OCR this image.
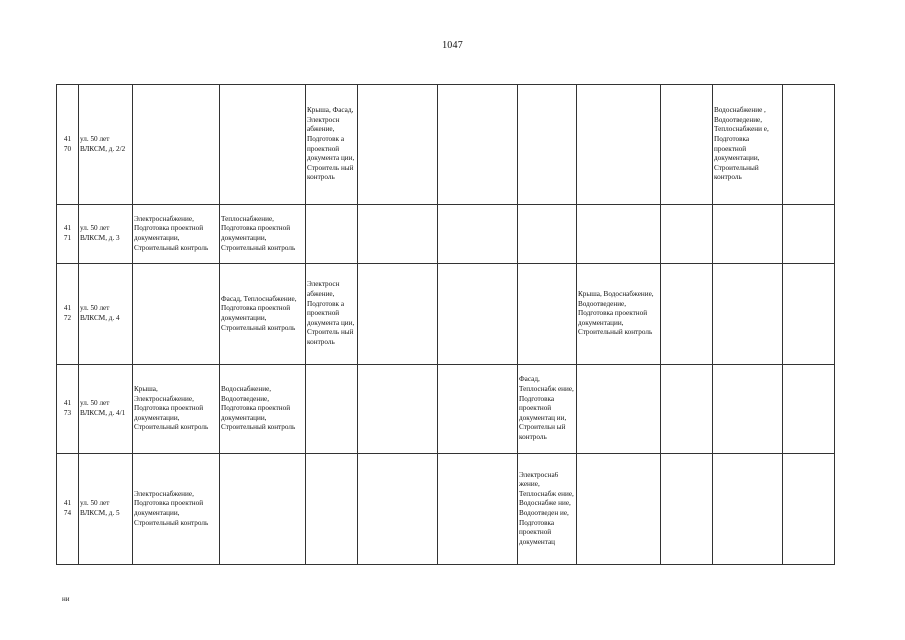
1047
41
70	ул. 50 лет ВЛКСМ, д. 2/2			Крыша, Фасад, Электросн абжение, Подготовк а проектной документа ции, Строитель ный контроль						Водоснабжение , Водоотведение, Теплоснабжени е, Подготовка проектной документации, Строительный контроль	
41
71	ул. 50 лет ВЛКСМ, д. 3	Электроснабжение, Подготовка проектной документации, Строительный контроль	Теплоснабжение, Подготовка проектной документации, Строительный контроль								
41
72	ул. 50 лет ВЛКСМ, д. 4		Фасад, Теплоснабжение, Подготовка проектной документации, Строительный контроль	Электросн абжение, Подготовк а проектной документа ции, Строитель ный контроль				Крыша, Водоснабжение, Водоотведение, Подготовка проектной документации, Строительный контроль			
41
73	ул. 50 лет ВЛКСМ, д. 4/1	Крыша, Электроснабжение, Подготовка проектной документации, Строительный контроль	Водоснабжение, Водоотведение, Подготовка проектной документации, Строительный контроль				Фасад, Теплоснабж ение, Подготовка проектной документац ии, Строительн ый контроль				
41
74	ул. 50 лет ВЛКСМ, д. 5	Электроснабжение, Подготовка проектной документации, Строительный контроль					Электросна6 жение, Теплоснабж ение, Водоснабже ние, Водоотведен ие, Подготовка проектной документац				
ни
